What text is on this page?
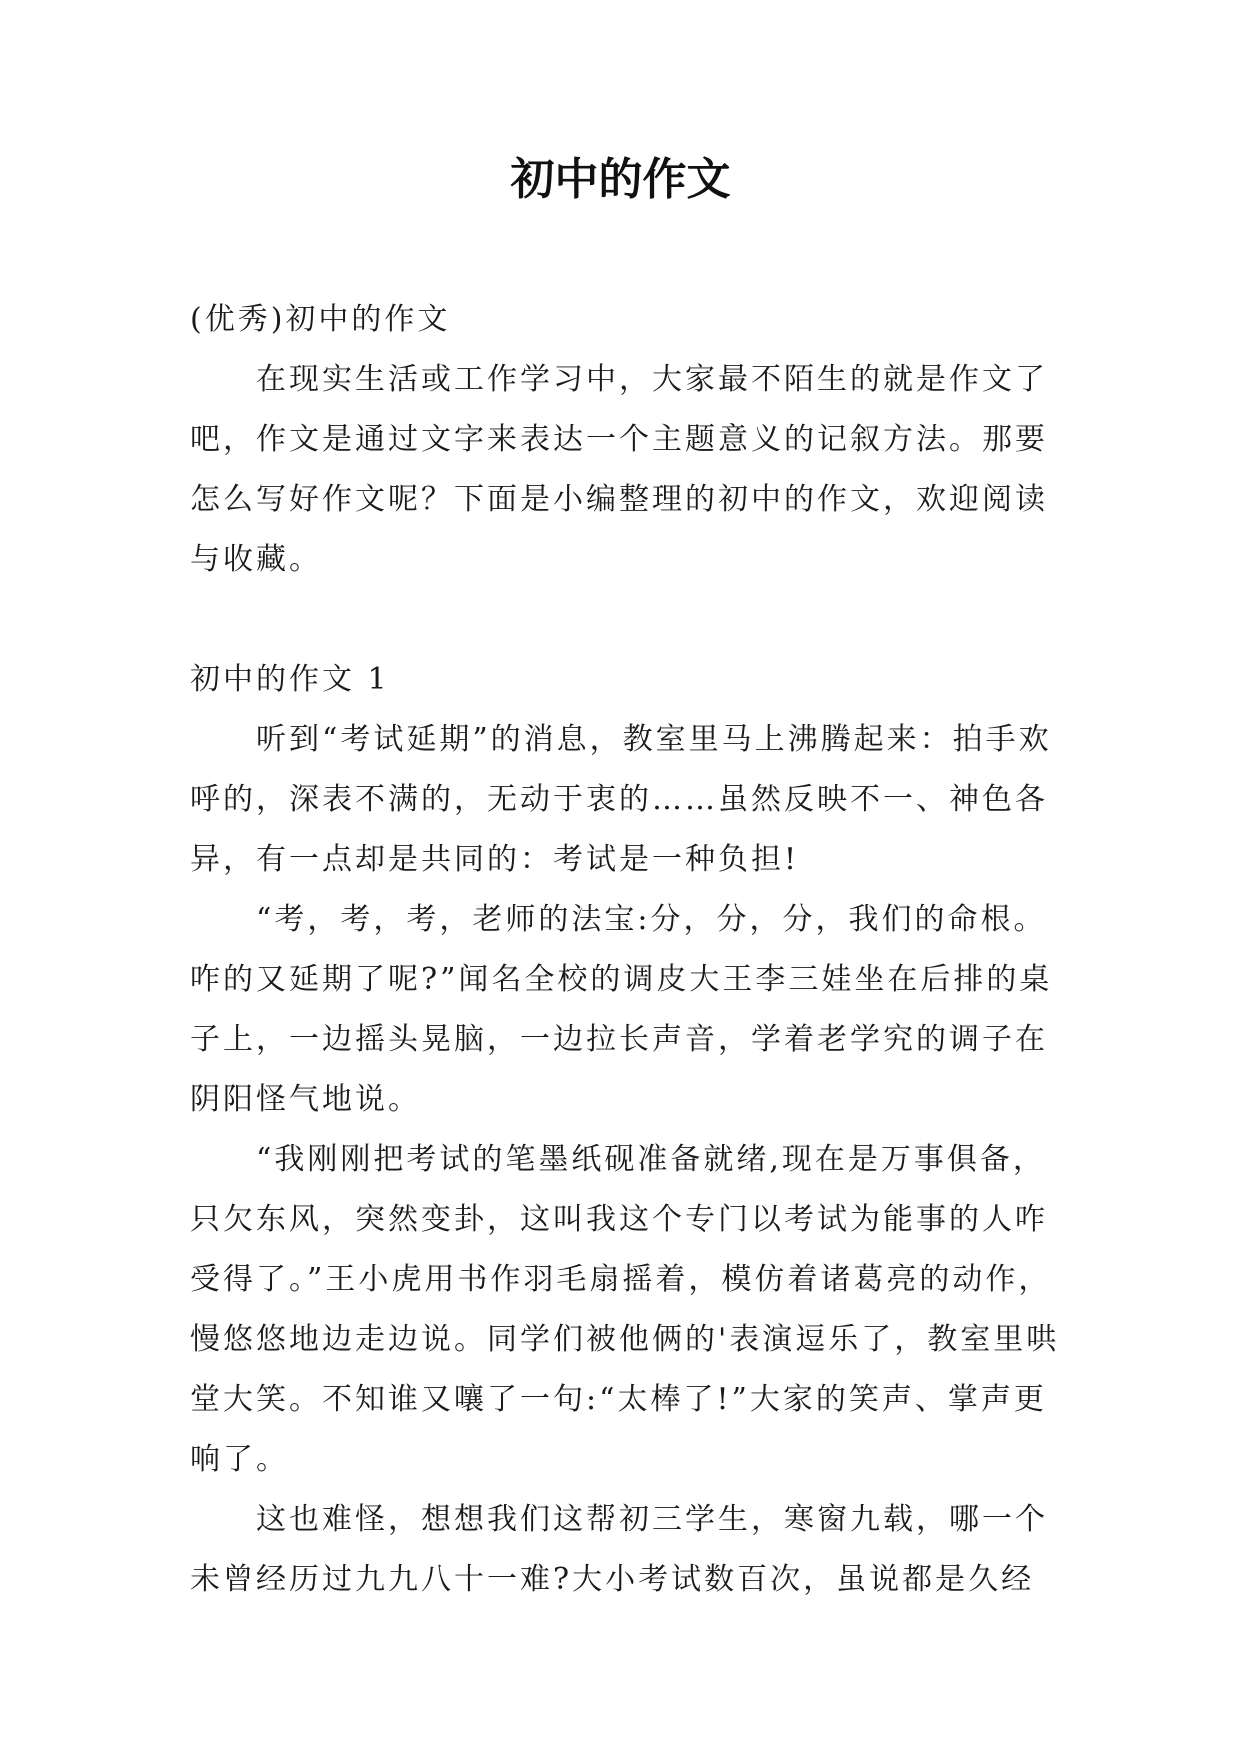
初中的作文

(优秀)初中的作文

在现实生活或工作学习中，大家最不陌生的就是作文了吧，作文是通过文字来表达一个主题意义的记叙方法。那要怎么写好作文呢？下面是小编整理的初中的作文，欢迎阅读与收藏。

初中的作文 1

听到“考试延期”的消息，教室里马上沸腾起来：拍手欢呼的，深表不满的，无动于衷的……虽然反映不一、神色各异，有一点却是共同的：考试是一种负担!

“考，考，考，老师的法宝:分，分，分，我们的命根。咋的又延期了呢?”闻名全校的调皮大王李三娃坐在后排的桌子上，一边摇头晃脑，一边拉长声音，学着老学究的调子在阴阳怪气地说。

“我刚刚把考试的笔墨纸砚准备就绪,现在是万事俱备，只欠东风，突然变卦，这叫我这个专门以考试为能事的人咋受得了。”王小虎用书作羽毛扇摇着，模仿着诸葛亮的动作，慢悠悠地边走边说。同学们被他俩的'表演逗乐了，教室里哄堂大笑。不知谁又嚷了一句:“太棒了!”大家的笑声、掌声更响了。

这也难怪，想想我们这帮初三学生，寒窗九载，哪一个未曾经历过九九八十一难?大小考试数百次，虽说都是久经
